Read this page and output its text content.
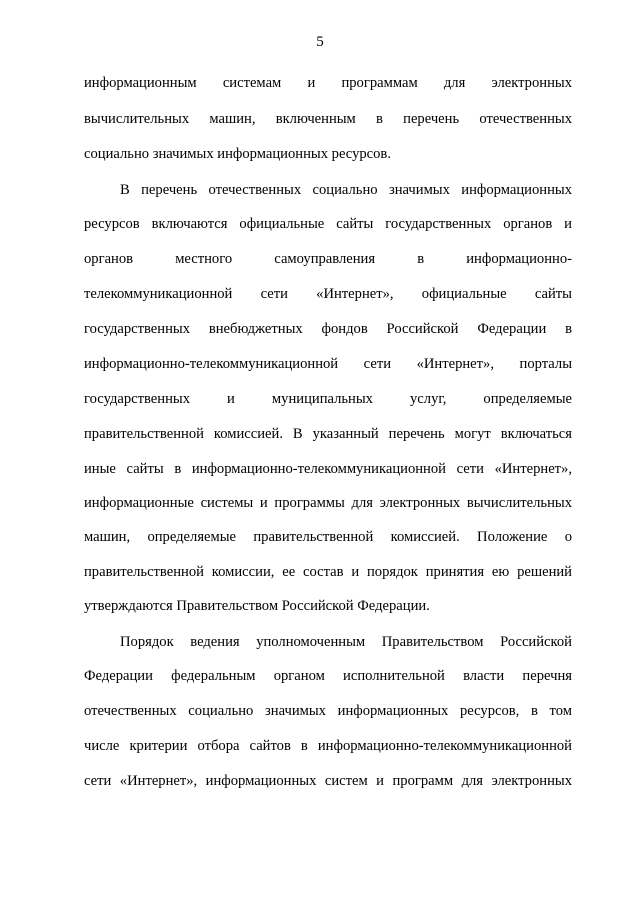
5
информационным системам и программам для электронных
вычислительных машин, включенным в перечень отечественных
социально значимых информационных ресурсов.
В перечень отечественных социально значимых информационных
ресурсов включаются официальные сайты государственных органов и
органов местного самоуправления в информационно-
телекоммуникационной сети «Интернет», официальные сайты
государственных внебюджетных фондов Российской Федерации в
информационно-телекоммуникационной сети «Интернет», порталы
государственных и муниципальных услуг, определяемые
правительственной комиссией. В указанный перечень могут включаться
иные сайты в информационно-телекоммуникационной сети «Интернет»,
информационные системы и программы для электронных вычислительных
машин, определяемые правительственной комиссией. Положение о
правительственной комиссии, ее состав и порядок принятия ею решений
утверждаются Правительством Российской Федерации.
Порядок ведения уполномоченным Правительством Российской
Федерации федеральным органом исполнительной власти перечня
отечественных социально значимых информационных ресурсов, в том
числе критерии отбора сайтов в информационно-телекоммуникационной
сети «Интернет», информационных систем и программ для электронных
